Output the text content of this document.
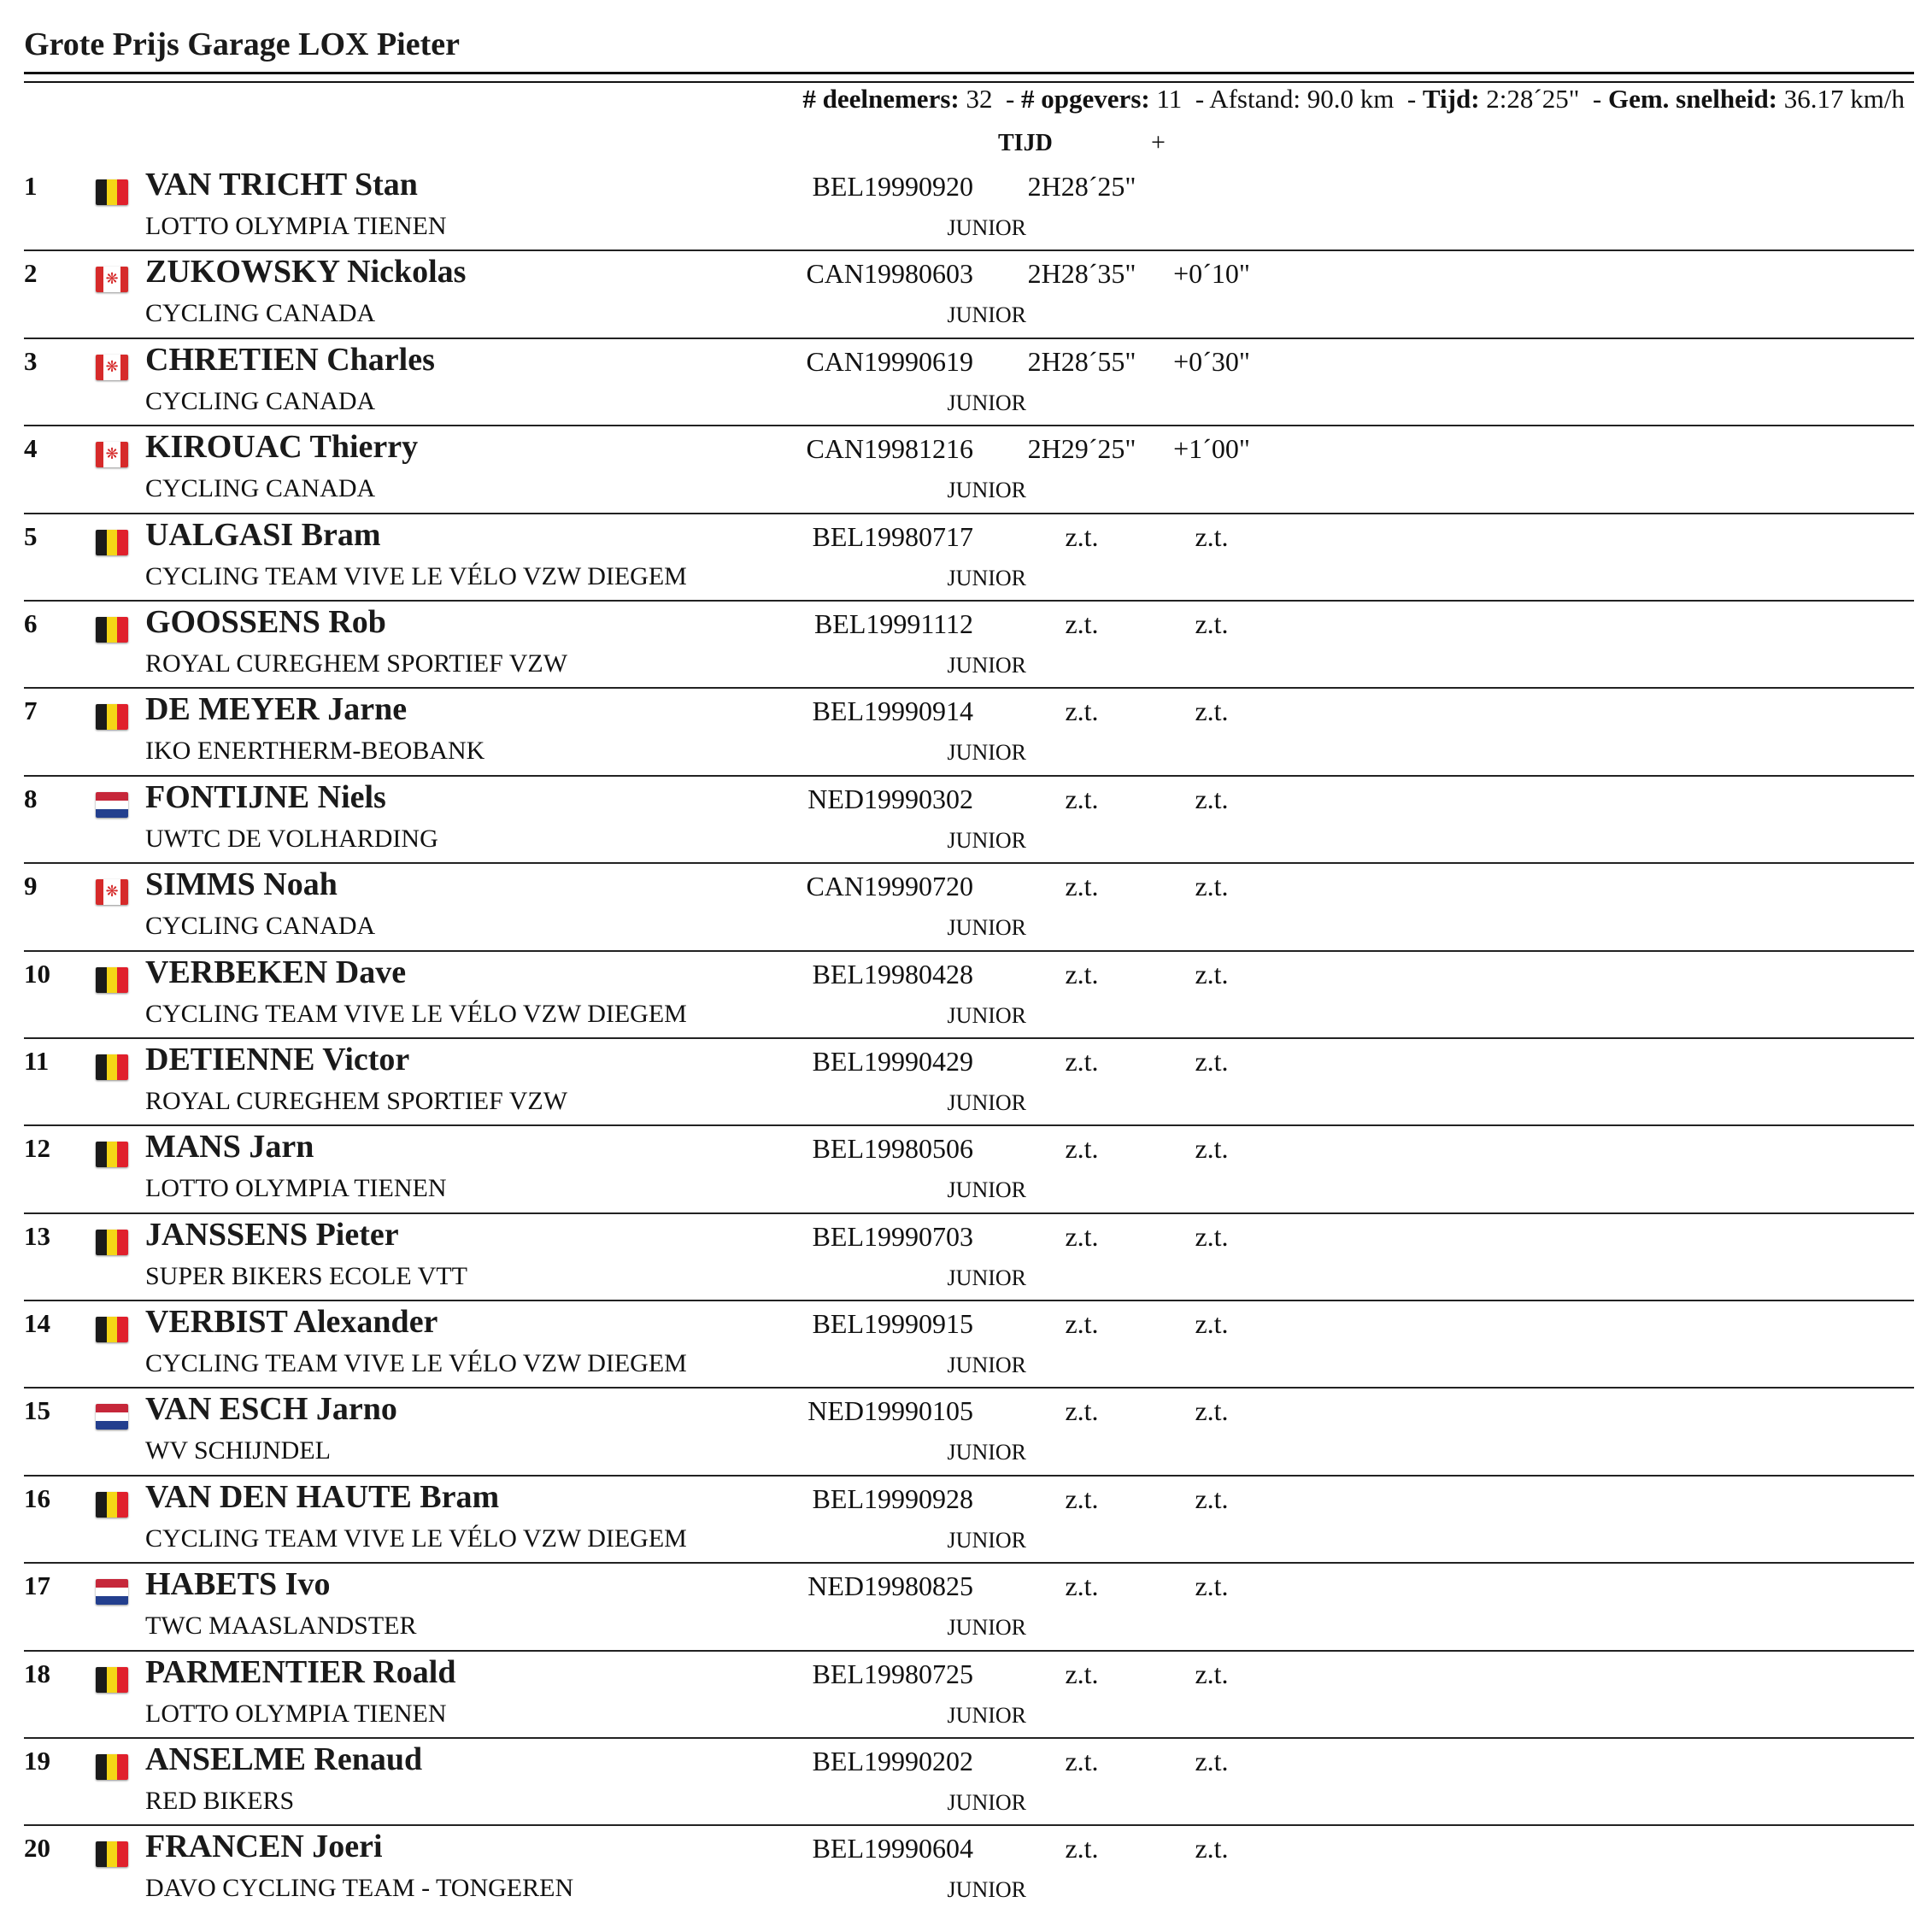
Grote Prijs Garage LOX Pieter
# deelnemers: 32  - # opgevers: 11  - Afstand: 90.0 km  - Tijd: 2:28´25"  - Gem. snelheid: 36.17 km/h
TIJD	+
1	VAN TRICHT Stan
LOTTO OLYMPIA TIENEN
BEL19990920
JUNIOR
2H28´25"
2	❋ ZUKOWSKY Nickolas
CYCLING CANADA
CAN19980603
JUNIOR
2H28´35" +0´10"
3	❋ CHRETIEN Charles
CYCLING CANADA
CAN19990619
JUNIOR
2H28´55" +0´30"
4	❋ KIROUAC Thierry
CYCLING CANADA
CAN19981216
JUNIOR
2H29´25" +1´00"
5	UALGASI Bram
CYCLING TEAM VIVE LE VÉLO VZW DIEGEM
BEL19980717
JUNIOR
z.t.	z.t.
6	GOOSSENS Rob
ROYAL CUREGHEM SPORTIEF VZW
BEL19991112
JUNIOR
z.t.	z.t.
7	DE MEYER Jarne
IKO ENERTHERM-BEOBANK
BEL19990914
JUNIOR
z.t.	z.t.
8	FONTIJNE Niels
UWTC DE VOLHARDING
NED19990302
JUNIOR
z.t.	z.t.
9	❋ SIMMS Noah
CYCLING CANADA
CAN19990720
JUNIOR
z.t.	z.t.
10	VERBEKEN Dave
CYCLING TEAM VIVE LE VÉLO VZW DIEGEM
BEL19980428
JUNIOR
z.t.	z.t.
11	DETIENNE Victor
ROYAL CUREGHEM SPORTIEF VZW
BEL19990429
JUNIOR
z.t.	z.t.
12	MANS Jarn
LOTTO OLYMPIA TIENEN
BEL19980506
JUNIOR
z.t.	z.t.
13	JANSSENS Pieter
SUPER BIKERS ECOLE VTT
BEL19990703
JUNIOR
z.t.	z.t.
14	VERBIST Alexander
CYCLING TEAM VIVE LE VÉLO VZW DIEGEM
BEL19990915
JUNIOR
z.t.	z.t.
15	VAN ESCH Jarno
WV SCHIJNDEL
NED19990105
JUNIOR
z.t.	z.t.
16	VAN DEN HAUTE Bram
CYCLING TEAM VIVE LE VÉLO VZW DIEGEM
BEL19990928
JUNIOR
z.t.	z.t.
17	HABETS Ivo
TWC MAASLANDSTER
NED19980825
JUNIOR
z.t.	z.t.
18	PARMENTIER Roald
LOTTO OLYMPIA TIENEN
BEL19980725
JUNIOR
z.t.	z.t.
19	ANSELME Renaud
RED BIKERS
BEL19990202
JUNIOR
z.t.	z.t.
20	FRANCEN Joeri
DAVO CYCLING TEAM - TONGEREN
BEL19990604
JUNIOR
z.t.	z.t.
